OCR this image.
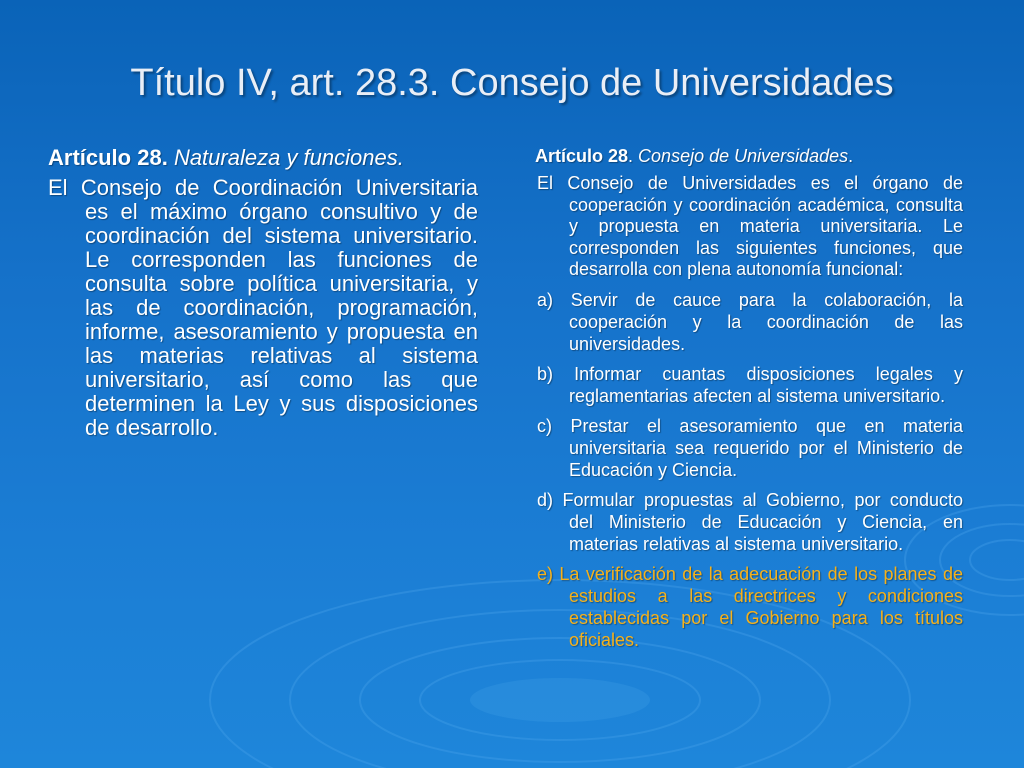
Título IV, art. 28.3. Consejo de Universidades
Artículo 28. Naturaleza y funciones.
El Consejo de Coordinación Universitaria es el máximo órgano consultivo y de coordinación del sistema universitario. Le corresponden las funciones de consulta sobre política universitaria, y las de coordinación, programación, informe, asesoramiento y propuesta en las materias relativas al sistema universitario, así como las que determinen la Ley y sus disposiciones de desarrollo.
Artículo 28. Consejo de Universidades.

El Consejo de Universidades es el órgano de cooperación y coordinación académica, consulta y propuesta en materia universitaria. Le corresponden las siguientes funciones, que desarrolla con plena autonomía funcional:

a) Servir de cauce para la colaboración, la cooperación y la coordinación de las universidades.

b) Informar cuantas disposiciones legales y reglamentarias afecten al sistema universitario.

c) Prestar el asesoramiento que en materia universitaria sea requerido por el Ministerio de Educación y Ciencia.

d) Formular propuestas al Gobierno, por conducto del Ministerio de Educación y Ciencia, en materias relativas al sistema universitario.

e) La verificación de la adecuación de los planes de estudios a las directrices y condiciones establecidas por el Gobierno para los títulos oficiales.
